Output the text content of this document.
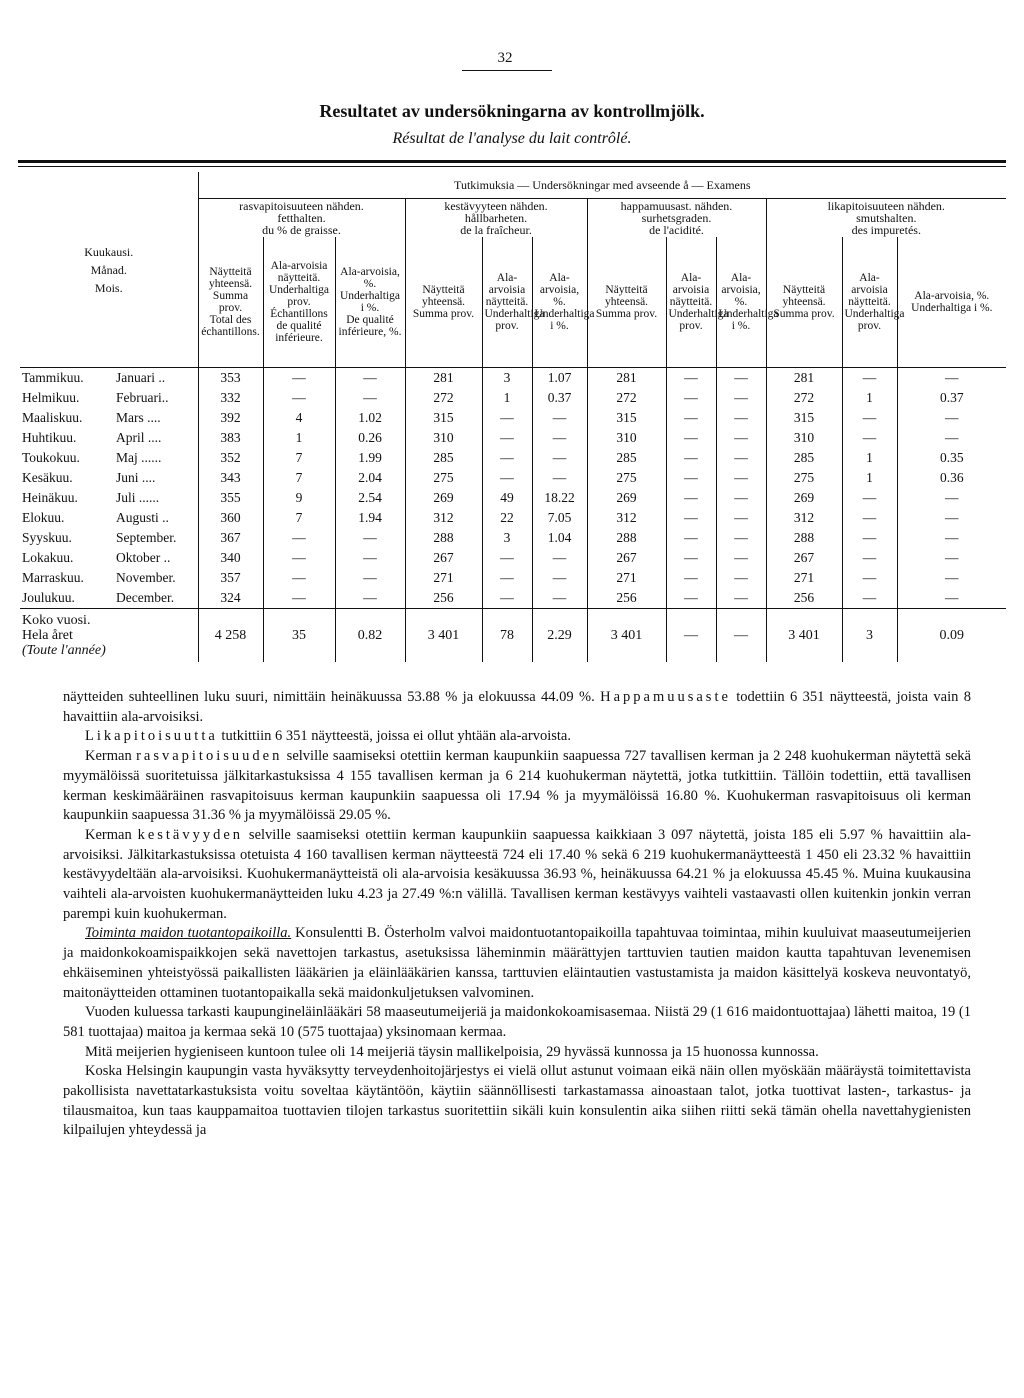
32
Resultatet av undersökningarna av kontrollmjölk.
Résultat de l'analyse du lait contrôlé.
Kuukausi.
Månad.
Mois.	Tutkimuksia — Undersökningar med avseende å — Examens											
	rasvapitoisuuteen nähden.
fetthalten.
du % de graisse.			kestävyyteen nähden.
hållbarheten.
de la fraîcheur.			happamuusast. nähden.
surhetsgraden.
de l'acidité.			likapitoisuuteen nähden.
smutshalten.
des impuretés.		
	Näytteitä yhteensä.
Summa prov.
Total des échantillons.	Ala-arvoisia näytteitä.
Underhaltiga prov.
Échantillons de qualité inférieure.	Ala-arvoisia, %.
Underhaltiga i %.
De qualité inférieure, %.	Näytteitä yhteensä.
Summa prov.	Ala-arvoisia näytteitä.
Underhaltiga prov.	Ala-arvoisia, %.
Underhaltiga i %.	Näytteitä yhteensä.
Summa prov.	Ala-arvoisia näytteitä.
Underhaltiga prov.	Ala-arvoisia, %.
Underhaltiga i %.	Näytteitä yhteensä.
Summa prov.	Ala-arvoisia näytteitä.
Underhaltiga prov.	Ala-arvoisia, %.
Underhaltiga i %.
Tammikuu. Januari ..	353	—	—	281	3	1.07	281	—	—	281	—	—
Helmikuu. Februari..	332	—	—	272	1	0.37	272	—	—	272	1	0.37
Maaliskuu. Mars ....	392	4	1.02	315	—	—	315	—	—	315	—	—
Huhtikuu. April ....	383	1	0.26	310	—	—	310	—	—	310	—	—
Toukokuu. Maj ......	352	7	1.99	285	—	—	285	—	—	285	1	0.35
Kesäkuu. Juni ....	343	7	2.04	275	—	—	275	—	—	275	1	0.36
Heinäkuu. Juli ......	355	9	2.54	269	49	18.22	269	—	—	269	—	—
Elokuu. Augusti ..	360	7	1.94	312	22	7.05	312	—	—	312	—	—
Syyskuu. September.	367	—	—	288	3	1.04	288	—	—	288	—	—
Lokakuu. Oktober ..	340	—	—	267	—	—	267	—	—	267	—	—
Marraskuu. November.	357	—	—	271	—	—	271	—	—	271	—	—
Joulukuu. December.	324	—	—	256	—	—	256	—	—	256	—	—

Koko vuosi.
Hela året
(Toute l'année)	4 258	35	0.82	3 401	78	2.29	3 401	—	—	3 401	3	0.09

näytteiden suhteellinen luku suuri, nimittäin heinäkuussa 53.88 % ja elokuussa 44.09 %. Happamuusaste todettiin 6 351 näytteestä, joista vain 8 havaittiin ala-arvoisiksi.

Likapitoisuutta tutkittiin 6 351 näytteestä, joissa ei ollut yhtään ala-arvoista.

Kerman rasvapitoisuuden selville saamiseksi otettiin kerman kaupunkiin saapuessa 727 tavallisen kerman ja 2 248 kuohukerman näytettä sekä myymälöissä suoritetuissa jälkitarkastuksissa 4 155 tavallisen kerman ja 6 214 kuohukerman näytettä, jotka tutkittiin. Tällöin todettiin, että tavallisen kerman keskimääräinen rasvapitoisuus kerman kaupunkiin saapuessa oli 17.94 % ja myymälöissä 16.80 %. Kuohukerman rasvapitoisuus oli kerman kaupunkiin saapuessa 31.36 % ja myymälöissä 29.05 %.

Kerman kestävyyden selville saamiseksi otettiin kerman kaupunkiin saapuessa kaikkiaan 3 097 näytettä, joista 185 eli 5.97 % havaittiin ala-arvoisiksi. Jälkitarkastuksissa otetuista 4 160 tavallisen kerman näytteestä 724 eli 17.40 % sekä 6 219 kuohukermanäytteestä 1 450 eli 23.32 % havaittiin kestävyydeltään ala-arvoisiksi. Kuohukermanäytteistä oli ala-arvoisia kesäkuussa 36.93 %, heinäkuussa 64.21 % ja elokuussa 45.45 %. Muina kuukausina vaihteli ala-arvoisten kuohukermanäytteiden luku 4.23 ja 27.49 %:n välillä. Tavallisen kerman kestävyys vaihteli vastaavasti ollen kuitenkin jonkin verran parempi kuin kuohukerman.

Toiminta maidon tuotantopaikoilla. Konsulentti B. Österholm valvoi maidontuotantopaikoilla tapahtuvaa toimintaa, mihin kuuluivat maaseutumeijerien ja maidonkokoamispaikkojen sekä navettojen tarkastus, asetuksissa läheminmin määrättyjen tarttuvien tautien maidon kautta tapahtuvan levenemisen ehkäiseminen yhteistyössä paikallisten lääkärien ja eläinlääkärien kanssa, tarttuvien eläintautien vastustamista ja maidon käsittelyä koskeva neuvontatyö, maitonäytteiden ottaminen tuotantopaikalla sekä maidonkuljetuksen valvominen.

Vuoden kuluessa tarkasti kaupungineläinlääkäri 58 maaseutumeijeriä ja maidonkokoamisasemaa. Niistä 29 (1 616 maidontuottajaa) lähetti maitoa, 19 (1 581 tuottajaa) maitoa ja kermaa sekä 10 (575 tuottajaa) yksinomaan kermaa.

Mitä meijerien hygieniseen kuntoon tulee oli 14 meijeriä täysin mallikelpoisia, 29 hyvässä kunnossa ja 15 huonossa kunnossa.

Koska Helsingin kaupungin vasta hyväksytty terveydenhoitojärjestys ei vielä ollut astunut voimaan eikä näin ollen myöskään määräystä toimitettavista pakollisista navettatarkastuksista voitu soveltaa käytäntöön, käytiin säännöllisesti tarkastamassa ainoastaan talot, jotka tuottivat lasten-, tarkastus- ja tilausmaitoa, kun taas kauppamaitoa tuottavien tilojen tarkastus suoritettiin sikäli kuin konsulentin aika siihen riitti sekä tämän ohella navettahygienisten kilpailujen yhteydessä ja
